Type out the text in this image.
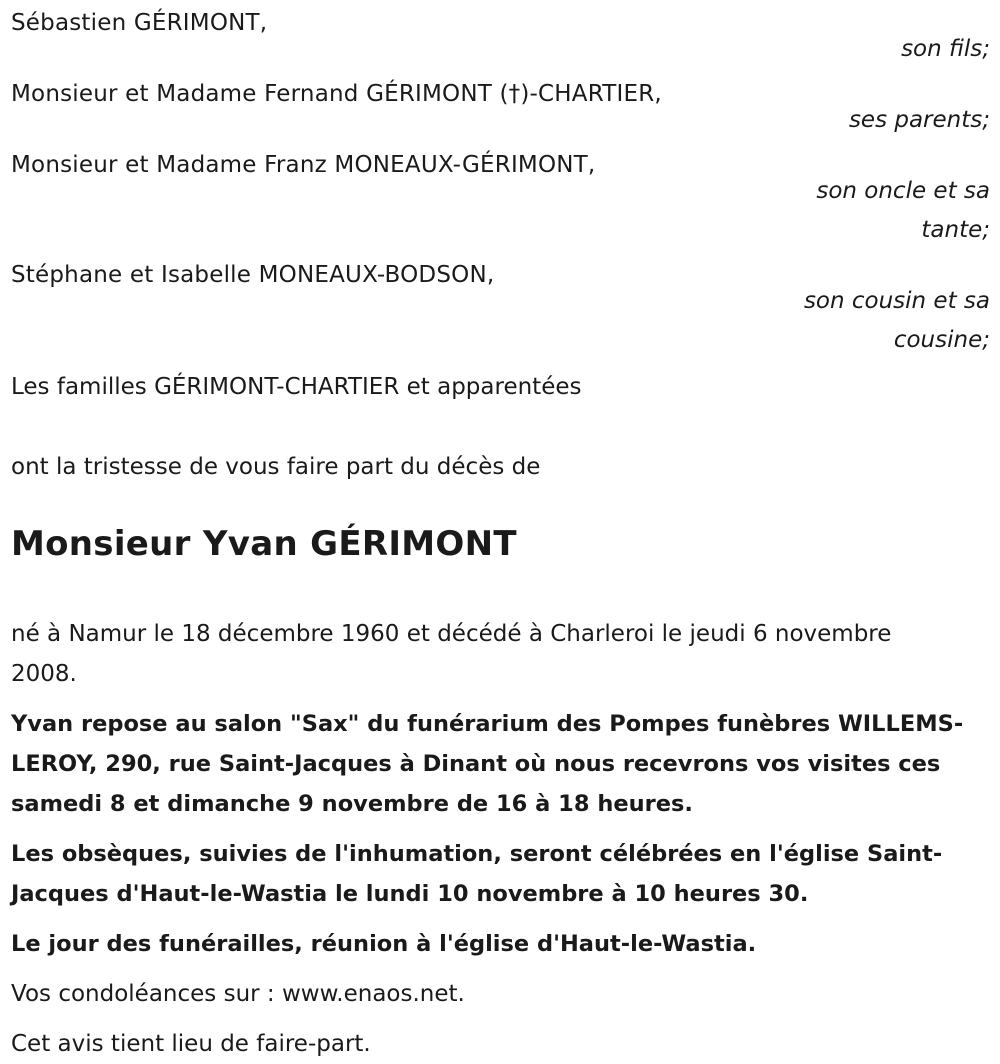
Sébastien GÉRIMONT,
son fils;
Monsieur et Madame Fernand GÉRIMONT (†)-CHARTIER,
ses parents;
Monsieur et Madame Franz MONEAUX-GÉRIMONT,
son oncle et sa tante;
Stéphane et Isabelle MONEAUX-BODSON,
son cousin et sa cousine;
Les familles GÉRIMONT-CHARTIER et apparentées
ont la tristesse de vous faire part du décès de
Monsieur Yvan GÉRIMONT
né à Namur le 18 décembre 1960 et décédé à Charleroi le jeudi 6 novembre 2008.
Yvan repose au salon "Sax" du funérarium des Pompes funèbres WILLEMS-LEROY, 290, rue Saint-Jacques à Dinant où nous recevrons vos visites ces samedi 8 et dimanche 9 novembre de 16 à 18 heures.
Les obsèques, suivies de l'inhumation, seront célébrées en l'église Saint-Jacques d'Haut-le-Wastia le lundi 10 novembre à 10 heures 30.
Le jour des funérailles, réunion à l'église d'Haut-le-Wastia.
Vos condoléances sur : www.enaos.net.
Cet avis tient lieu de faire-part.
